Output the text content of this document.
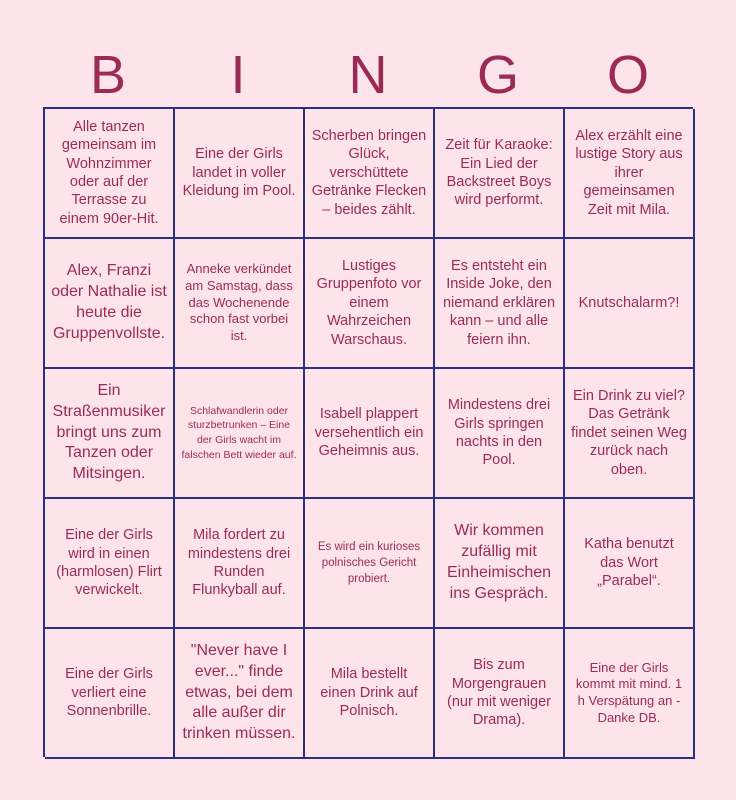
B	I	N	G	O
Alle tanzen gemeinsam im Wohnzimmer oder auf der Terrasse zu einem 90er-Hit.
Eine der Girls landet in voller Kleidung im Pool.
Scherben bringen Glück, verschüttete Getränke Flecken – beides zählt.
Zeit für Karaoke: Ein Lied der Backstreet Boys wird performt.
Alex erzählt eine lustige Story aus ihrer gemeinsamen Zeit mit Mila.
Alex, Franzi oder Nathalie ist heute die Gruppenvollste.
Anneke verkündet am Samstag, dass das Wochenende schon fast vorbei ist.
Lustiges Gruppenfoto vor einem Wahrzeichen Warschaus.
Es entsteht ein Inside Joke, den niemand erklären kann – und alle feiern ihn.
Knutschalarm?!
Ein Straßenmusiker bringt uns zum Tanzen oder Mitsingen.
Schlafwandlerin oder sturzbetrunken – Eine der Girls wacht im falschen Bett wieder auf.
Isabell plappert versehentlich ein Geheimnis aus.
Mindestens drei Girls springen nachts in den Pool.
Ein Drink zu viel? Das Getränk findet seinen Weg zurück nach oben.
Eine der Girls wird in einen (harmlosen) Flirt verwickelt.
Mila fordert zu mindestens drei Runden Flunkyball auf.
Es wird ein kurioses polnisches Gericht probiert.
Wir kommen zufällig mit Einheimischen ins Gespräch.
Katha benutzt das Wort „Parabel“.
Eine der Girls verliert eine Sonnenbrille.
"Never have I ever..." finde etwas, bei dem alle außer dir trinken müssen.
Mila bestellt einen Drink auf Polnisch.
Bis zum Morgengrauen (nur mit weniger Drama).
Eine der Girls kommt mit mind. 1 h Verspätung an - Danke DB.
